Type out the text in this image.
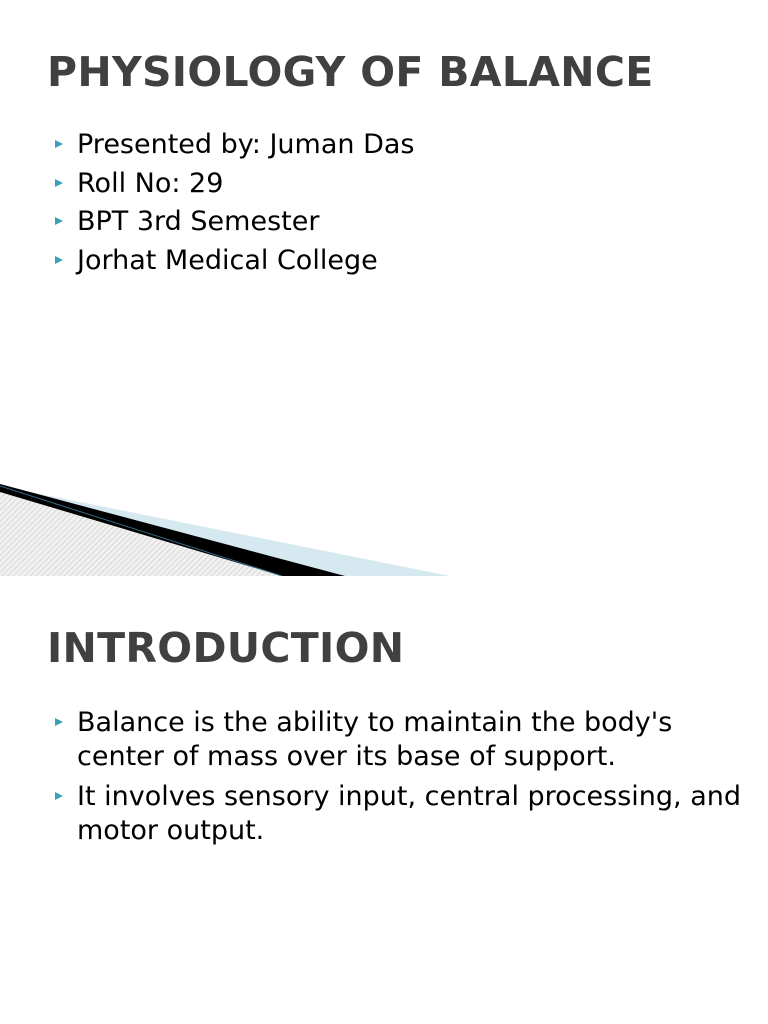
PHYSIOLOGY OF BALANCE
Presented by: Juman Das
Roll No: 29
BPT 3rd Semester
Jorhat Medical College
INTRODUCTION
Balance is the ability to maintain the body's center of mass over its base of support.
It involves sensory input, central processing, and motor output.
